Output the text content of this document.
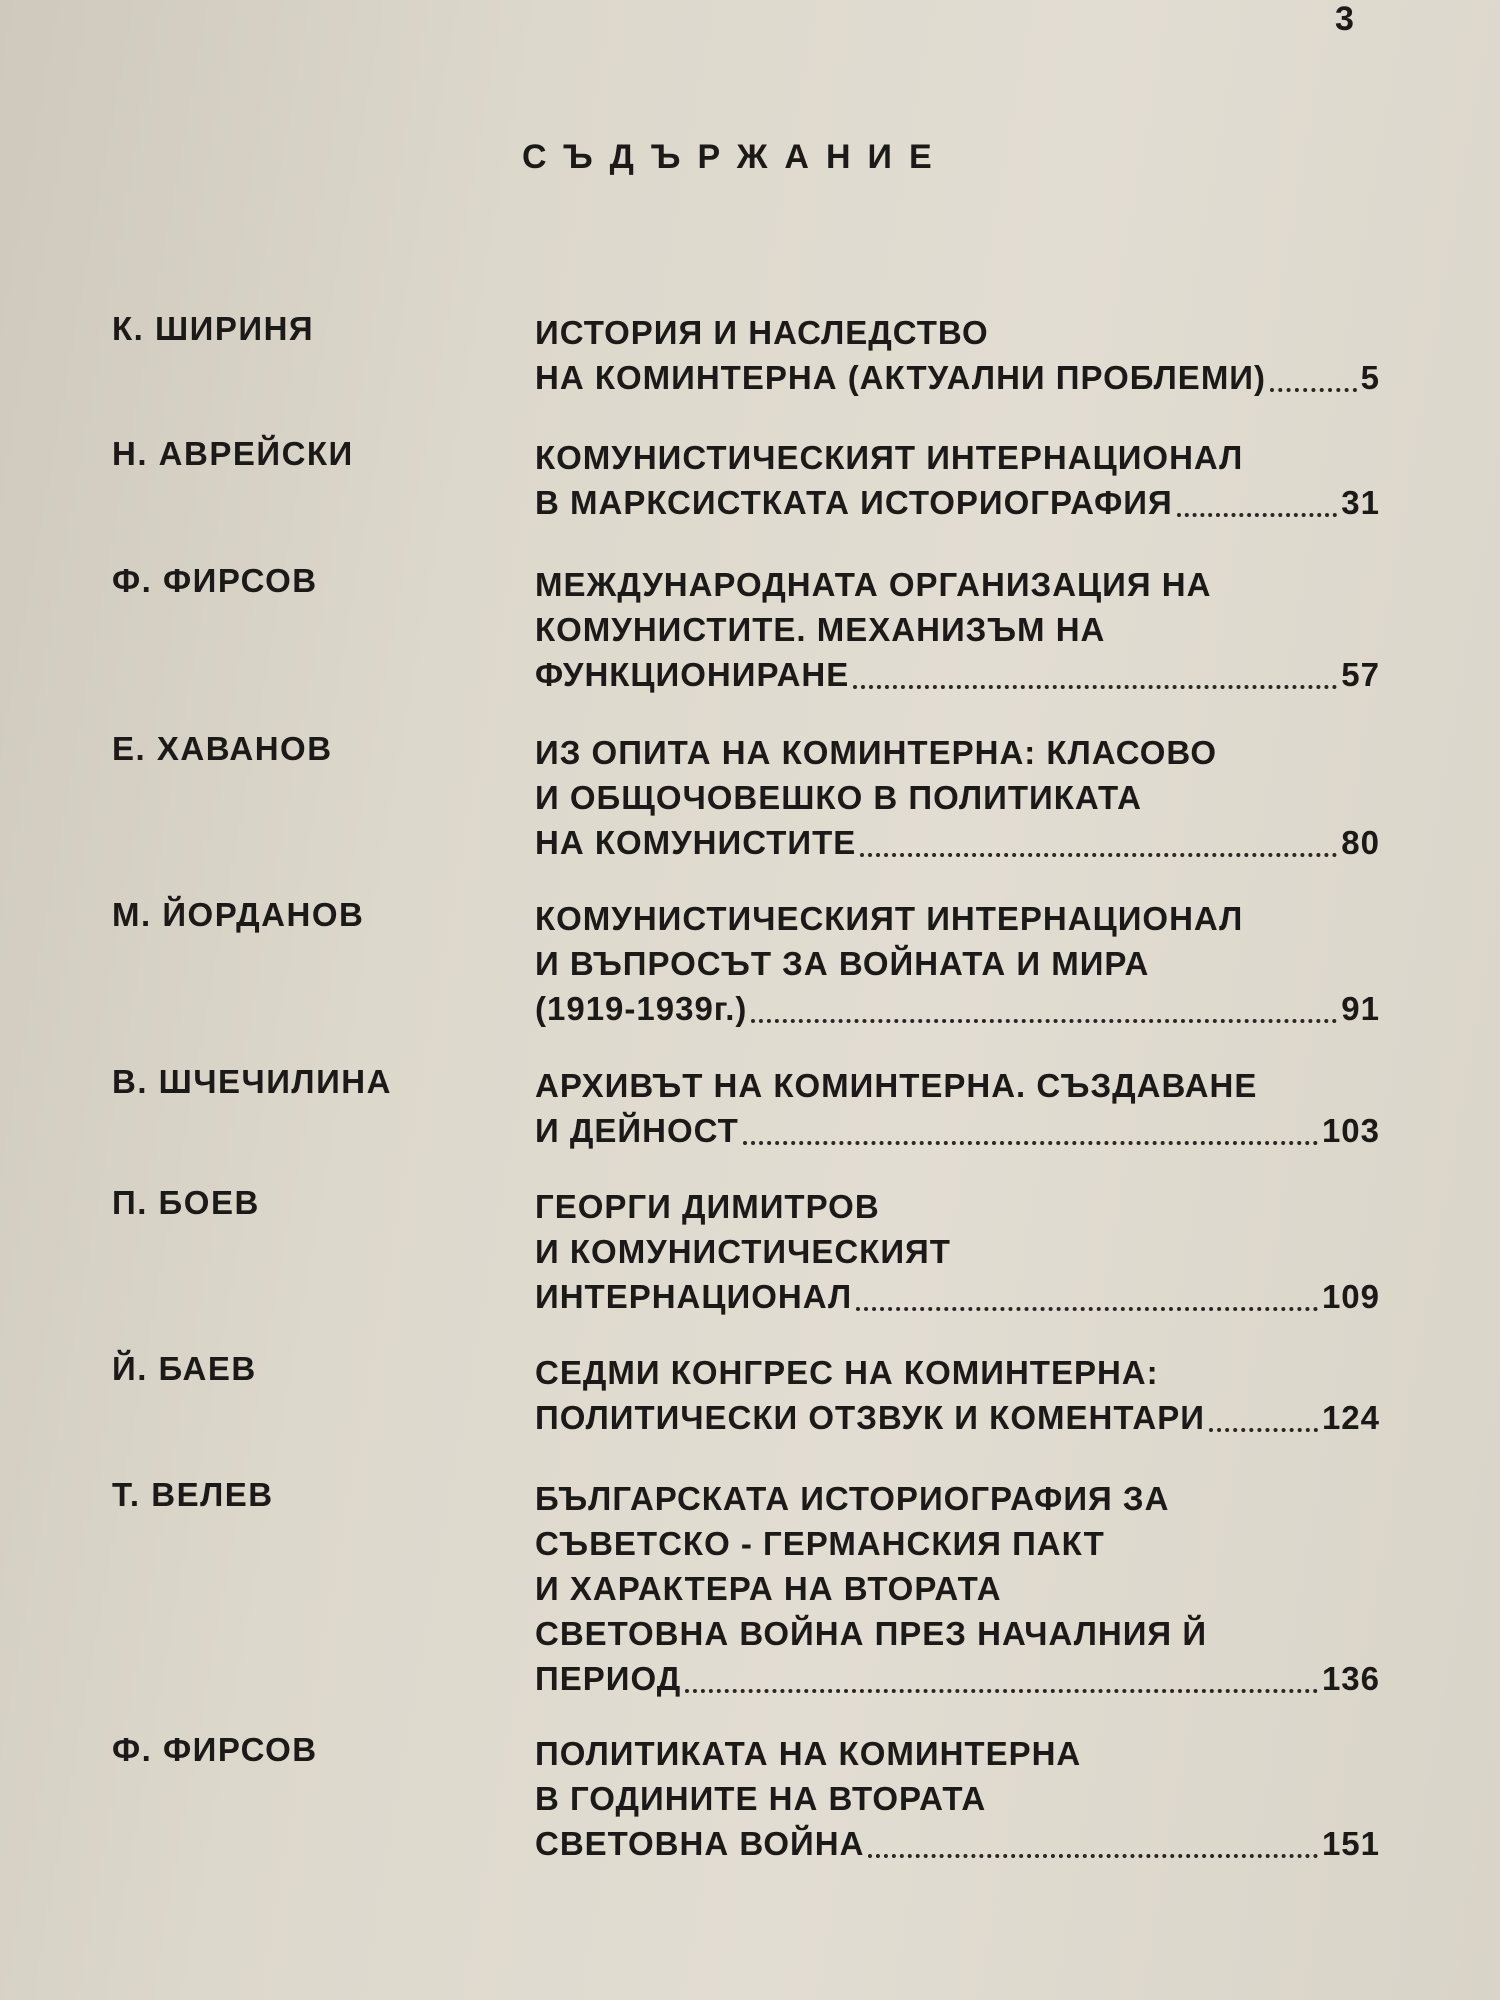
3
СЪДЪРЖАНИЕ
К. ШИРИНЯ	ИСТОРИЯ И НАСЛЕДСТВО
НА КОМИНТЕРНА (АКТУАЛНИ ПРОБЛЕМИ)	5
Н. АВРЕЙСКИ	КОМУНИСТИЧЕСКИЯТ ИНТЕРНАЦИОНАЛ
В МАРКСИСТКАТА ИСТОРИОГРАФИЯ	31
Ф. ФИРСОВ	МЕЖДУНАРОДНАТА ОРГАНИЗАЦИЯ НА
КОМУНИСТИТЕ. МЕХАНИЗЪМ НА
ФУНКЦИОНИРАНЕ	57
Е. ХАВАНОВ	ИЗ ОПИТА НА КОМИНТЕРНА: КЛАСОВО
И ОБЩОЧОВЕШКО В ПОЛИТИКАТА
НА КОМУНИСТИТЕ	80
М. ЙОРДАНОВ	КОМУНИСТИЧЕСКИЯТ ИНТЕРНАЦИОНАЛ
И ВЪПРОСЪТ ЗА ВОЙНАТА И МИРА
(1919-1939г.)	91
В. ШЧЕЧИЛИНА	АРХИВЪТ НА КОМИНТЕРНА. СЪЗДАВАНЕ
И ДЕЙНОСТ	103
П. БОЕВ	ГЕОРГИ ДИМИТРОВ
И КОМУНИСТИЧЕСКИЯТ
ИНТЕРНАЦИОНАЛ	109
Й. БАЕВ	СЕДМИ КОНГРЕС НА КОМИНТЕРНА:
ПОЛИТИЧЕСКИ ОТЗВУК И КОМЕНТАРИ	124
Т. ВЕЛЕВ	БЪЛГАРСКАТА ИСТОРИОГРАФИЯ ЗА
СЪВЕТСКО - ГЕРМАНСКИЯ ПАКТ
И ХАРАКТЕРА НА ВТОРАТА
СВЕТОВНА ВОЙНА ПРЕЗ НАЧАЛНИЯ Й
ПЕРИОД	136
Ф. ФИРСОВ	ПОЛИТИКАТА НА КОМИНТЕРНА
В ГОДИНИТЕ НА ВТОРАТА
СВЕТОВНА ВОЙНА	151
